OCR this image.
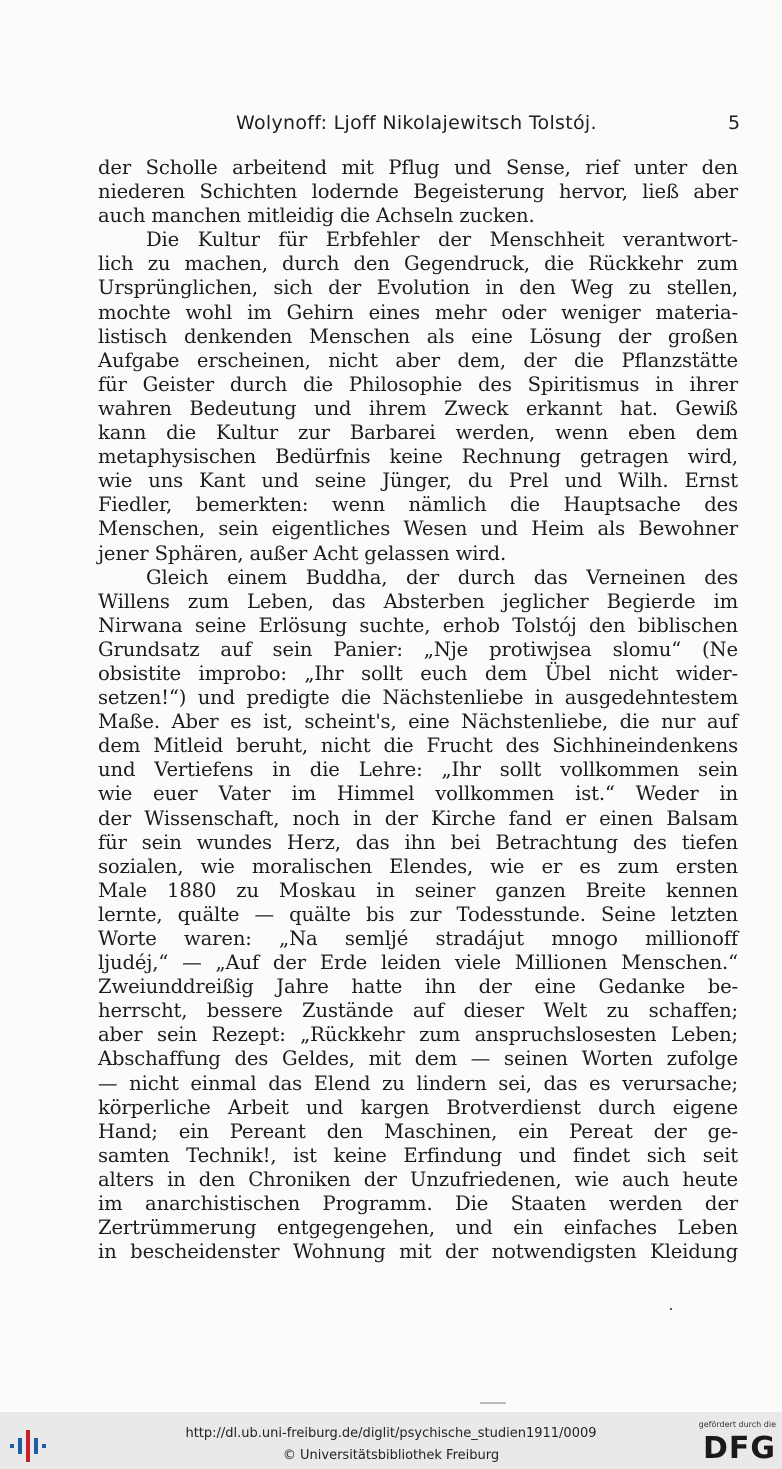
Wolynoff: Ljoff Nikolajewitsch Tolstój.	5
der Scholle arbeitend mit Pflug und Sense, rief unter den
niederen Schichten lodernde Begeisterung hervor, ließ aber
auch manchen mitleidig die Achseln zucken.
Die Kultur für Erbfehler der Menschheit verantwort-
lich zu machen, durch den Gegendruck, die Rückkehr zum
Ursprünglichen, sich der Evolution in den Weg zu stellen,
mochte wohl im Gehirn eines mehr oder weniger materia-
listisch denkenden Menschen als eine Lösung der großen
Aufgabe erscheinen, nicht aber dem, der die Pflanzstätte
für Geister durch die Philosophie des Spiritismus in ihrer
wahren Bedeutung und ihrem Zweck erkannt hat. Gewiß
kann die Kultur zur Barbarei werden, wenn eben dem
metaphysischen Bedürfnis keine Rechnung getragen wird,
wie uns Kant und seine Jünger, du Prel und Wilh. Ernst
Fiedler, bemerkten: wenn nämlich die Hauptsache des
Menschen, sein eigentliches Wesen und Heim als Bewohner
jener Sphären, außer Acht gelassen wird.
Gleich einem Buddha, der durch das Verneinen des
Willens zum Leben, das Absterben jeglicher Begierde im
Nirwana seine Erlösung suchte, erhob Tolstój den biblischen
Grundsatz auf sein Panier: „Nje protiwjsea slomu“ (Ne
obsistite improbo: „Ihr sollt euch dem Übel nicht wider-
setzen!“) und predigte die Nächstenliebe in ausgedehntestem
Maße. Aber es ist, scheint's, eine Nächstenliebe, die nur auf
dem Mitleid beruht, nicht die Frucht des Sichhineindenkens
und Vertiefens in die Lehre: „Ihr sollt vollkommen sein
wie euer Vater im Himmel vollkommen ist.“ Weder in
der Wissenschaft, noch in der Kirche fand er einen Balsam
für sein wundes Herz, das ihn bei Betrachtung des tiefen
sozialen, wie moralischen Elendes, wie er es zum ersten
Male 1880 zu Moskau in seiner ganzen Breite kennen
lernte, quälte — quälte bis zur Todesstunde. Seine letzten
Worte waren: „Na semljé stradájut mnogo millionoff
ljudéj,“ — „Auf der Erde leiden viele Millionen Menschen.“
Zweiunddreißig Jahre hatte ihn der eine Gedanke be-
herrscht, bessere Zustände auf dieser Welt zu schaffen;
aber sein Rezept: „Rückkehr zum anspruchslosesten Leben;
Abschaffung des Geldes, mit dem — seinen Worten zufolge
— nicht einmal das Elend zu lindern sei, das es verursache;
körperliche Arbeit und kargen Brotverdienst durch eigene
Hand; ein Pereant den Maschinen, ein Pereat der ge-
samten Technik!, ist keine Erfindung und findet sich seit
alters in den Chroniken der Unzufriedenen, wie auch heute
im anarchistischen Programm. Die Staaten werden der
Zertrümmerung entgegengehen, und ein einfaches Leben
in bescheidenster Wohnung mit der notwendigsten Kleidung
http://dl.ub.uni-freiburg.de/diglit/psychische_studien1911/0009
© Universitätsbibliothek Freiburg
gefördert durch die
DFG
